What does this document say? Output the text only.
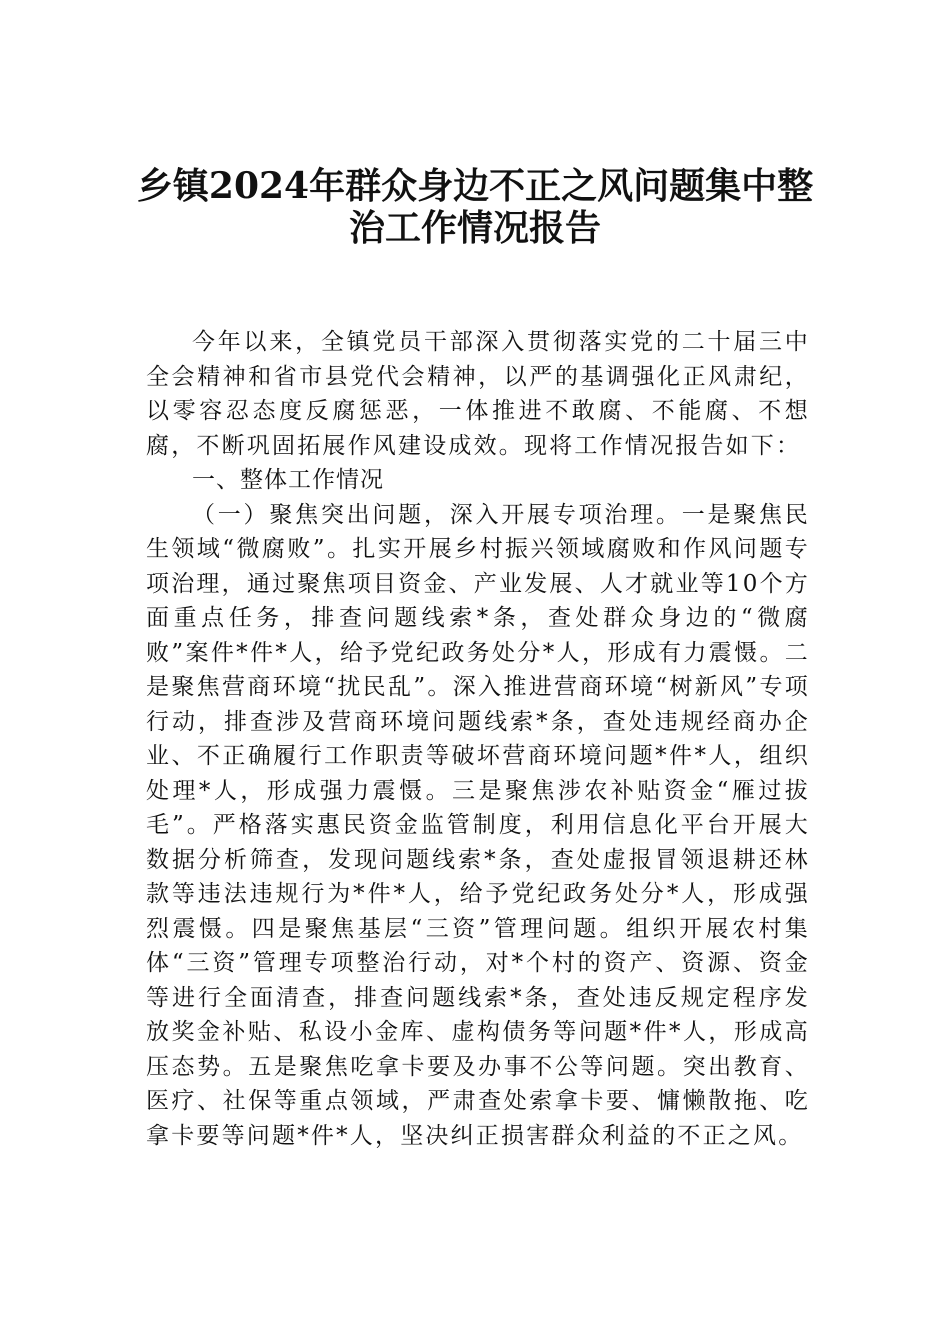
乡镇2024年群众身边不正之风问题集中整
治工作情况报告

今年以来，全镇党员干部深入贯彻落实党的二十届三中全会精神和省市县党代会精神，以严的基调强化正风肃纪，以零容忍态度反腐惩恶，一体推进不敢腐、不能腐、不想腐，不断巩固拓展作风建设成效。现将工作情况报告如下：

一、整体工作情况

（一）聚焦突出问题，深入开展专项治理。一是聚焦民生领域“微腐败”。扎实开展乡村振兴领域腐败和作风问题专项治理，通过聚焦项目资金、产业发展、人才就业等10个方面重点任务，排查问题线索*条，查处群众身边的“微腐败”案件*件*人，给予党纪政务处分*人，形成有力震慑。二是聚焦营商环境“扰民乱”。深入推进营商环境“树新风”专项行动，排查涉及营商环境问题线索*条，查处违规经商办企业、不正确履行工作职责等破坏营商环境问题*件*人，组织处理*人，形成强力震慑。三是聚焦涉农补贴资金“雁过拔毛”。严格落实惠民资金监管制度，利用信息化平台开展大数据分析筛查，发现问题线索*条，查处虚报冒领退耕还林款等违法违规行为*件*人，给予党纪政务处分*人，形成强烈震慑。四是聚焦基层“三资”管理问题。组织开展农村集体“三资”管理专项整治行动，对*个村的资产、资源、资金等进行全面清查，排查问题线索*条，查处违反规定程序发放奖金补贴、私设小金库、虚构债务等问题*件*人，形成高压态势。五是聚焦吃拿卡要及办事不公等问题。突出教育、医疗、社保等重点领域，严肃查处索拿卡要、慵懒散拖、吃拿卡要等问题*件*人，坚决纠正损害群众利益的不正之风。
